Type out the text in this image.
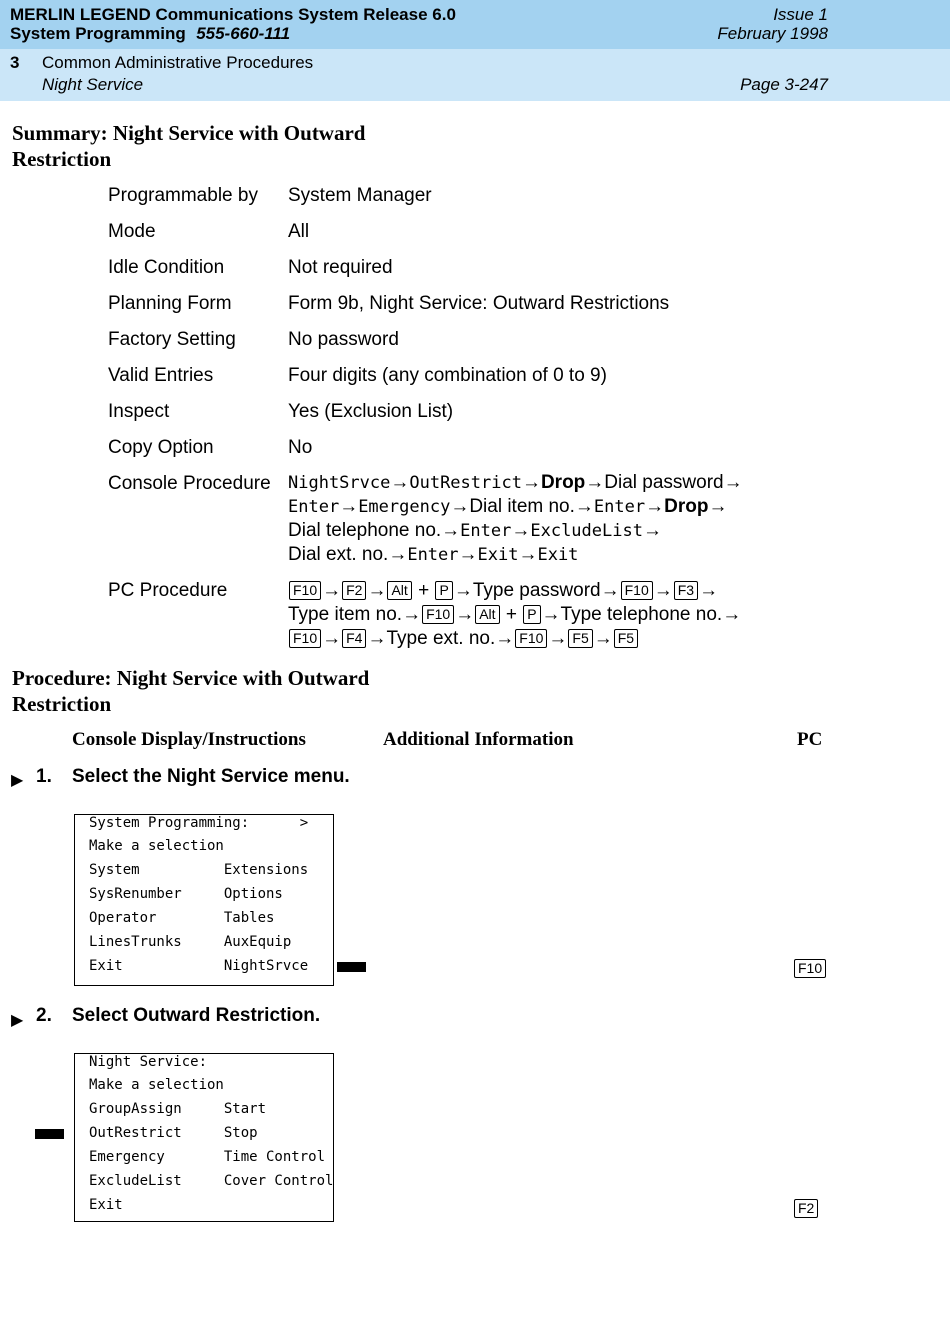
MERLIN LEGEND Communications System Release 6.0	Issue 1
System Programming 555-660-111	February 1998
3 Common Administrative Procedures
Night Service	Page 3-247
Summary: Night Service with Outward
Restriction
Programmable by System Manager
Mode	All
Idle Condition	Not required
Planning Form	Form 9b, Night Service: Outward Restrictions
Factory Setting	No password
Valid Entries	Four digits (any combination of 0 to 9)
Inspect	Yes (Exclusion List)
Copy Option	No
Console Procedure NightSrvce→OutRestrict→Drop→Dial password→
Enter→Emergency→Dial item no.→Enter→Drop→
Dial telephone no.→Enter→ExcludeList→
Dial ext. no.→Enter→Exit→Exit
PC Procedure	F10 → F2 → Alt + P →Type password→ F10 → F3 →
Type item no.→ F10 → Alt + P →Type telephone no.→
F10 → F4 →Type ext. no.→ F10 → F5 → F5
Procedure: Night Service with Outward
Restriction
Console Display/Instructions	Additional Information	PC
▶ 1. Select the Night Service menu.
System Programming:      >
Make a selection
System          Extensions
SysRenumber     Options
Operator        Tables
LinesTrunks     AuxEquip
Exit            NightSrvce	F10
▶ 2. Select Outward Restriction.
Night Service:
Make a selection
GroupAssign     Start
OutRestrict     Stop
Emergency       Time Control
ExcludeList     Cover Control
Exit	F2
